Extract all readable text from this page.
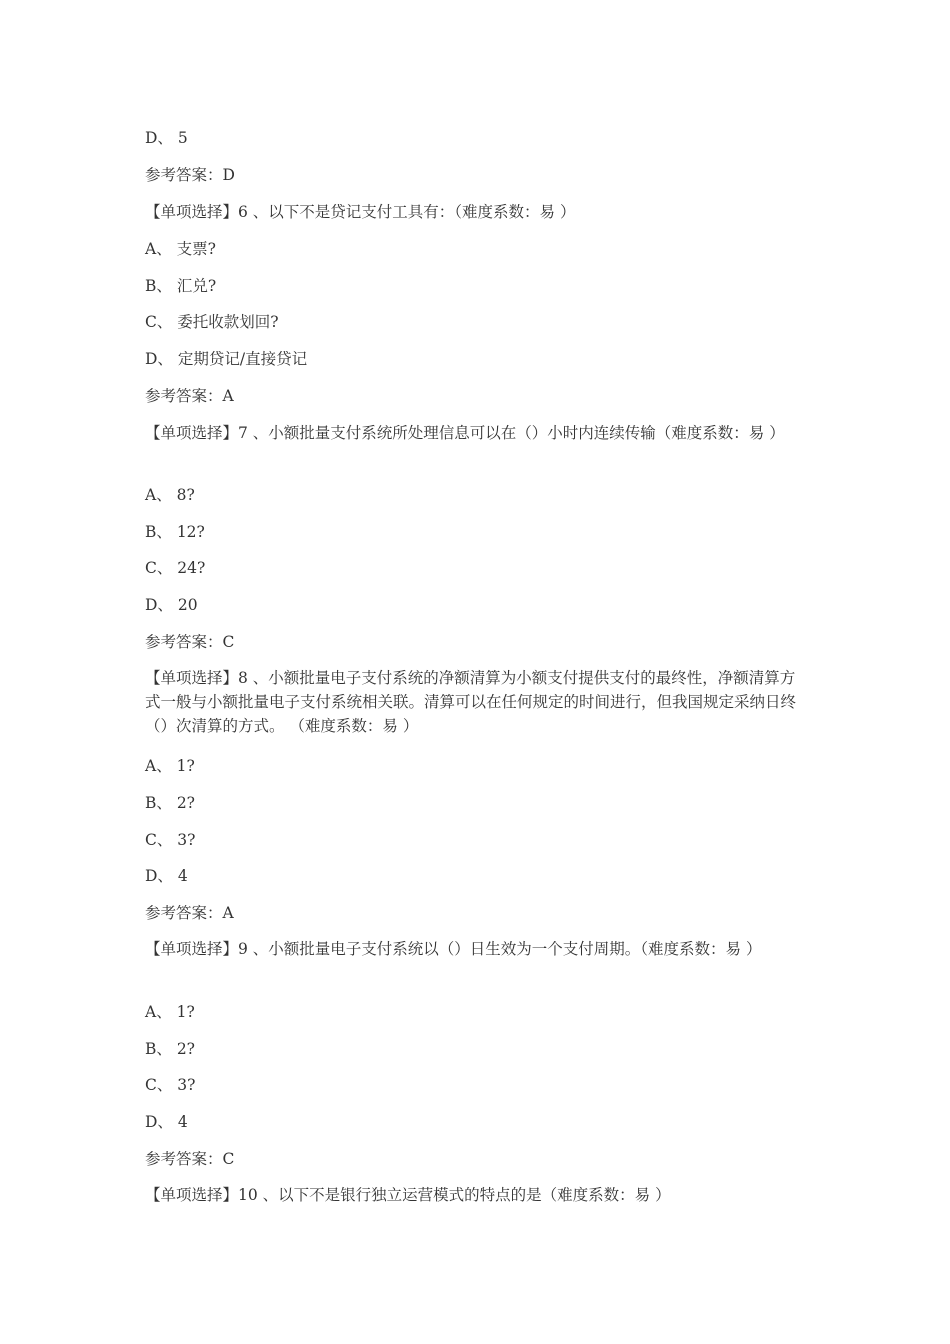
D、 5
参考答案：D
【单项选择】6 、以下不是贷记支付工具有：（难度系数：易 ）
A、 支票?
B、 汇兑?
C、 委托收款划回?
D、 定期贷记/直接贷记
参考答案：A
【单项选择】7 、小额批量支付系统所处理信息可以在（）小时内连续传输（难度系数：易 ）
A、 8?
B、 12?
C、 24?
D、 20
参考答案：C
【单项选择】8 、小额批量电子支付系统的净额清算为小额支付提供支付的最终性，净额清算方式一般与小额批量电子支付系统相关联。清算可以在任何规定的时间进行，但我国规定采纳日终（）次清算的方式。 （难度系数：易 ）
A、 1?
B、 2?
C、 3?
D、 4
参考答案：A
【单项选择】9 、小额批量电子支付系统以（）日生效为一个支付周期。（难度系数：易 ）
A、 1?
B、 2?
C、 3?
D、 4
参考答案：C
【单项选择】10 、以下不是银行独立运营模式的特点的是（难度系数：易 ）
